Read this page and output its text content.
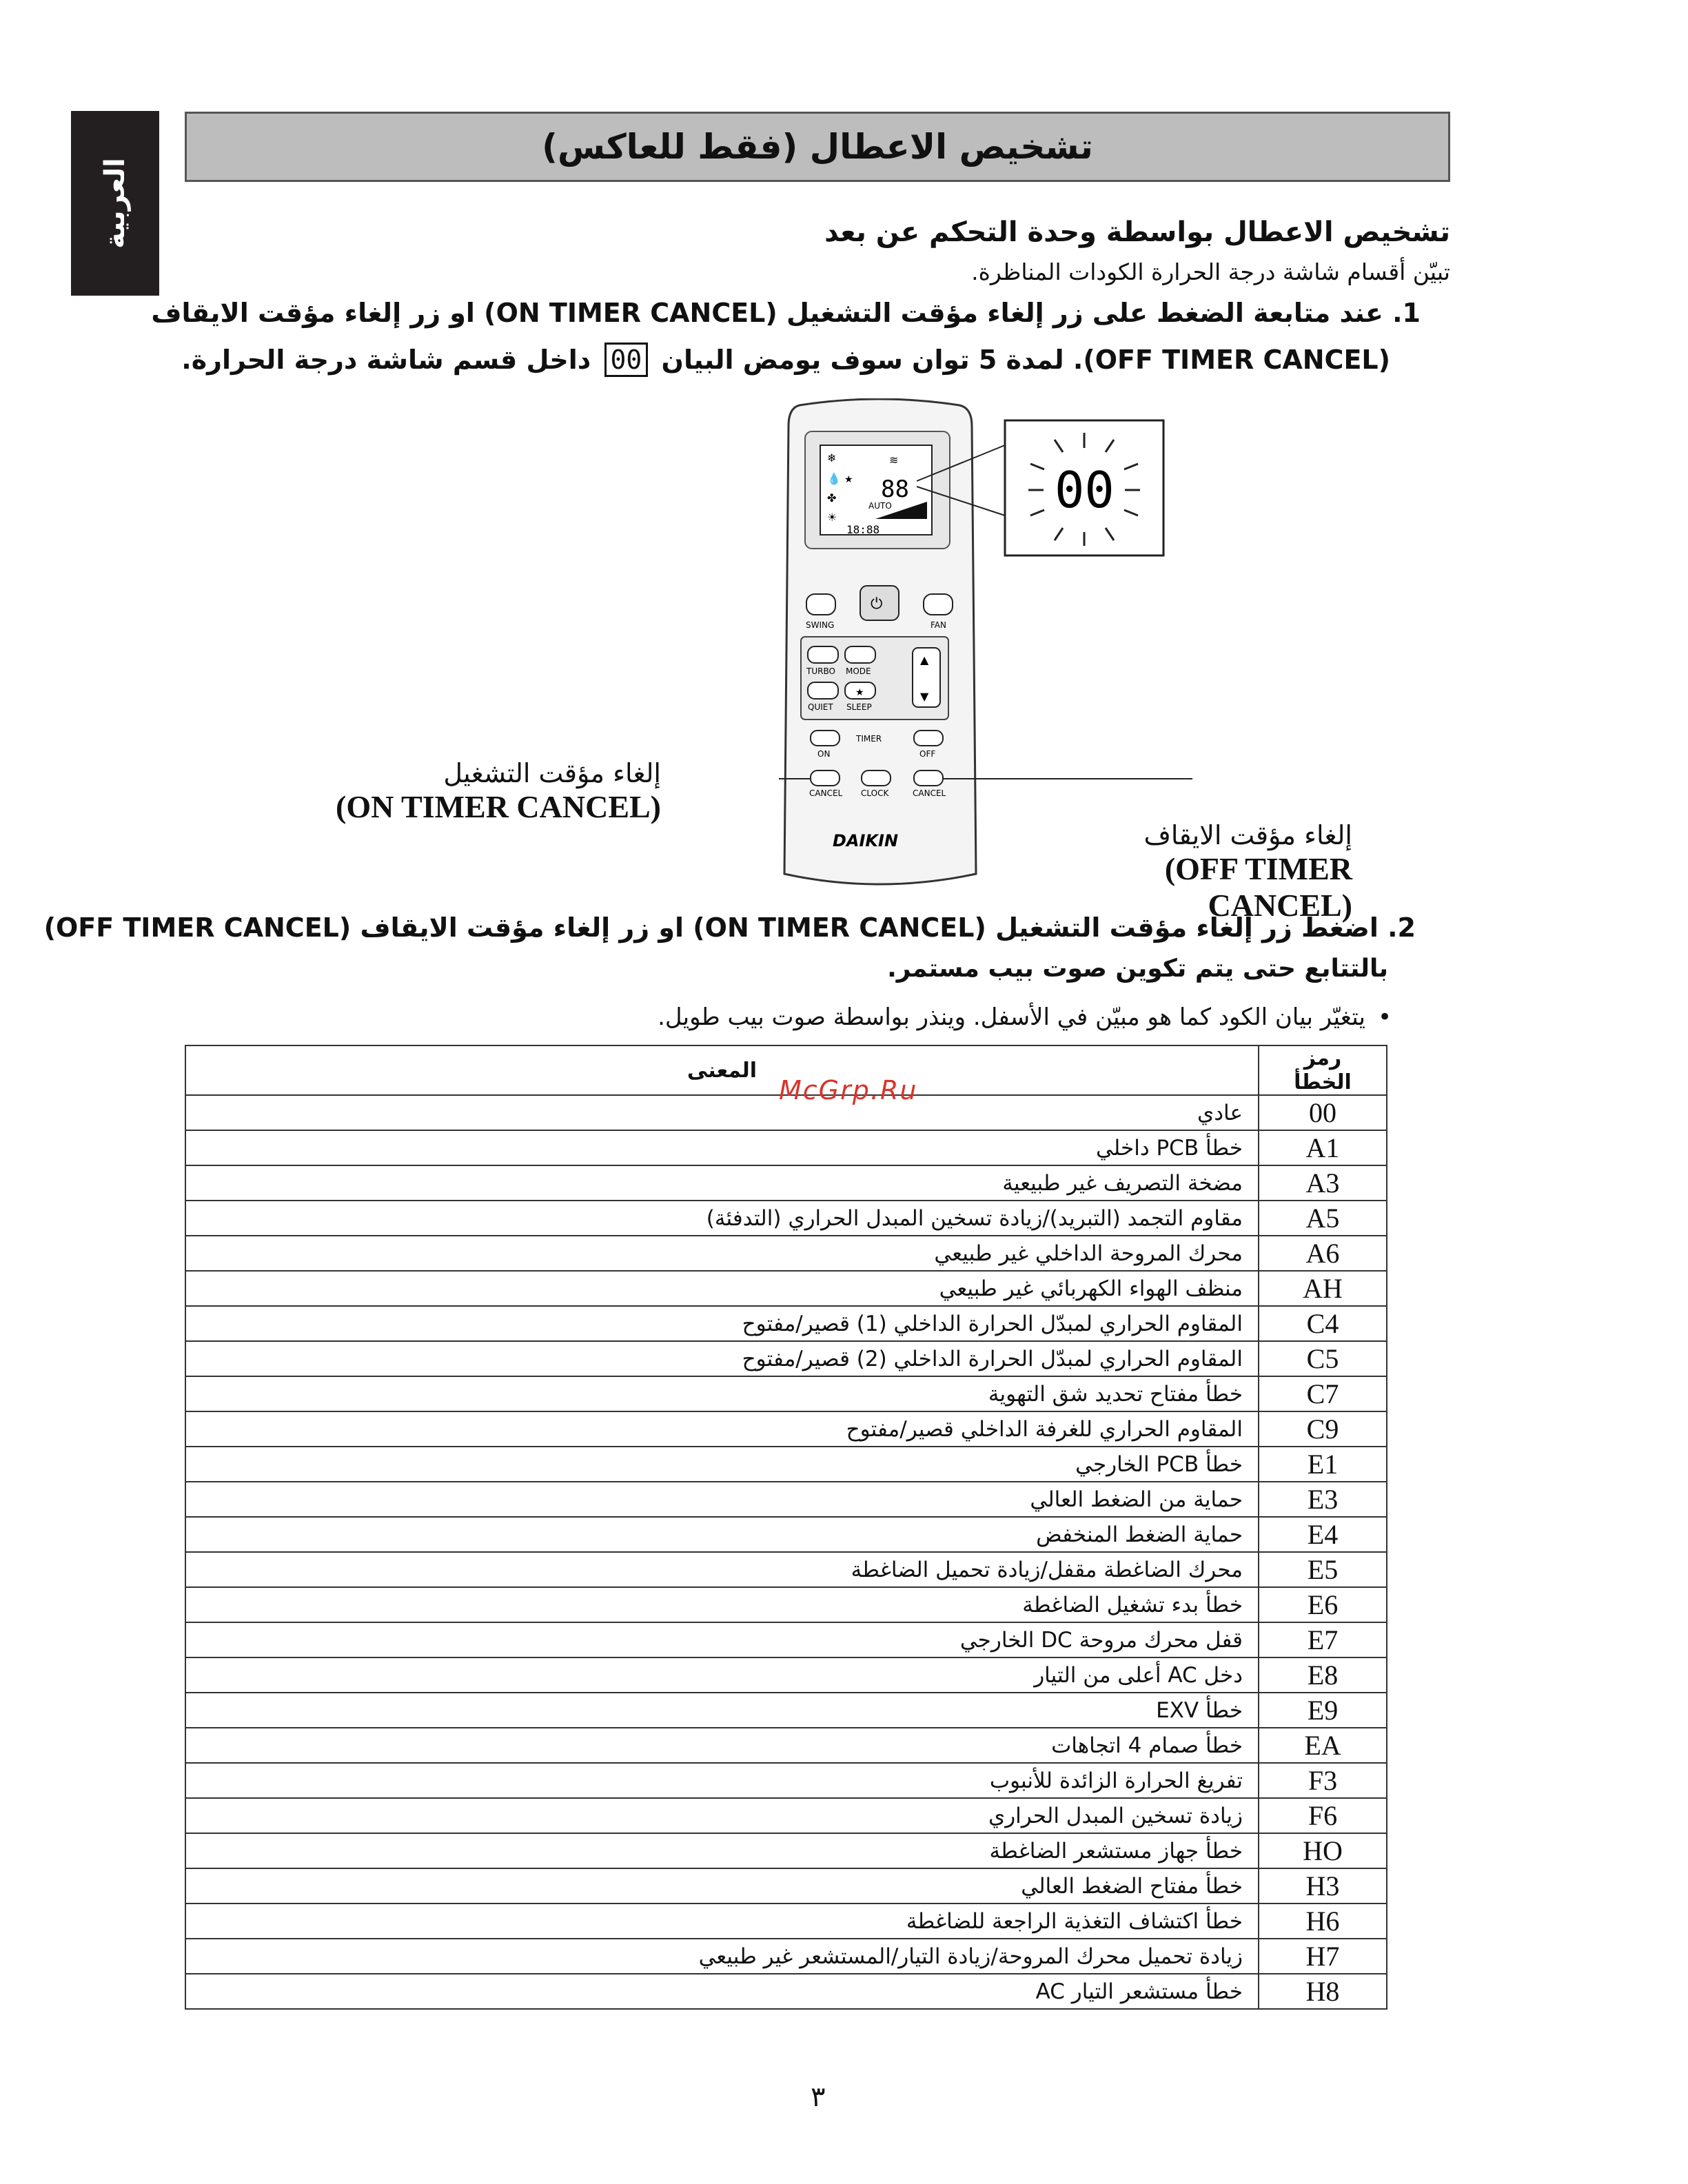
العربية
تشخيص الاعطال (فقط للعاكس)
تشخيص الاعطال بواسطة وحدة التحكم عن بعد
تبيّن أقسام شاشة درجة الحرارة الكودات المناظرة.
1. عند متابعة الضغط على زر إلغاء مؤقت التشغيل (ON TIMER CANCEL) او زر إلغاء مؤقت الايقاف
(OFF TIMER CANCEL). لمدة 5 توان سوف يومض البيان 00 داخل قسم شاشة درجة الحرارة.
❄
💧
✤
☀
★
≋
88
AUTO
18:88
00
SWING
⏻
FAN
TURBO MODE
QUIET
★
SLEEP
▲
▼
ON
TIMER
OFF
CANCEL CLOCK	CANCEL
DAIKIN
إلغاء مؤقت التشغيل
(ON TIMER CANCEL)
إلغاء مؤقت الايقاف
(OFF TIMER CANCEL)
2. اضغط زر إلغاء مؤقت التشغيل (ON TIMER CANCEL) او زر إلغاء مؤقت الايقاف (OFF TIMER CANCEL)
بالتتابع حتى يتم تكوين صوت بيب مستمر.
•يتغيّر بيان الكود كما هو مبيّن في الأسفل. وينذر بواسطة صوت بيب طويل.
المعنى	رمز الخطأ
عادي	00
خطأ PCB داخلي	A1
مضخة التصريف غير طبيعية	A3
مقاوم التجمد (التبريد)/زيادة تسخين المبدل الحراري (التدفئة)	A5
محرك المروحة الداخلي غير طبيعي	A6
منظف الهواء الكهربائي غير طبيعي	AH
المقاوم الحراري لمبدّل الحرارة الداخلي (1) قصير/مفتوح	C4
المقاوم الحراري لمبدّل الحرارة الداخلي (2) قصير/مفتوح	C5
خطأ مفتاح تحديد شق التهوية	C7
المقاوم الحراري للغرفة الداخلي قصير/مفتوح	C9
خطأ PCB الخارجي	E1
حماية من الضغط العالي	E3
حماية الضغط المنخفض	E4
محرك الضاغطة مقفل/زيادة تحميل الضاغطة	E5
خطأ بدء تشغيل الضاغطة	E6
قفل محرك مروحة DC الخارجي	E7
دخل AC أعلى من التيار	E8
خطأ EXV	E9
خطأ صمام 4 اتجاهات	EA
تفريغ الحرارة الزائدة للأنبوب	F3
زيادة تسخين المبدل الحراري	F6
خطأ جهاز مستشعر الضاغطة	HO
خطأ مفتاح الضغط العالي	H3
خطأ اكتشاف التغذية الراجعة للضاغطة	H6
زيادة تحميل محرك المروحة/زيادة التيار/المستشعر غير طبيعي	H7
خطأ مستشعر التيار AC	H8
McGrp.Ru
٣
